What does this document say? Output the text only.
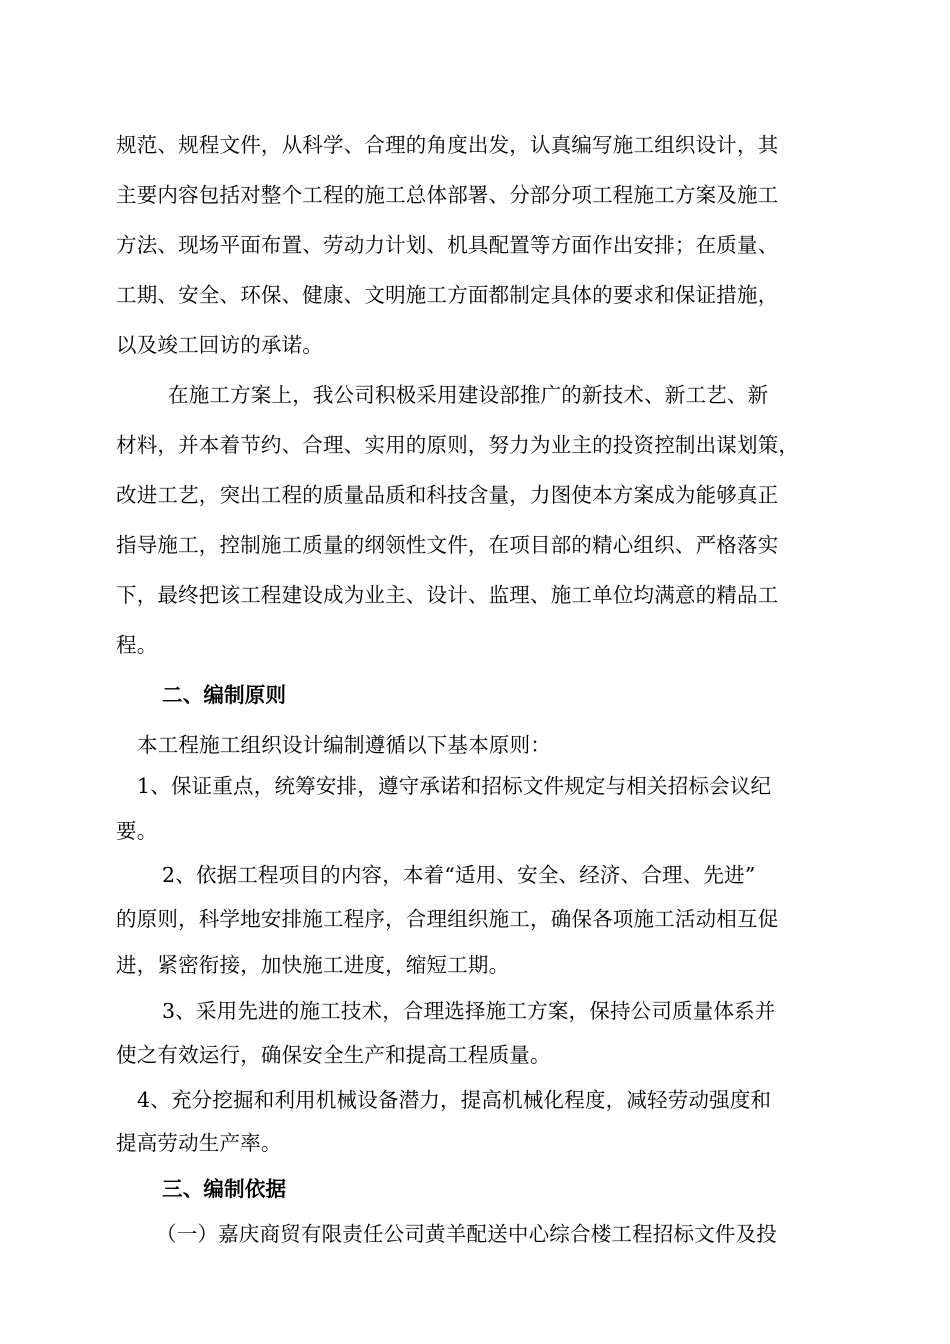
规范、规程文件，从科学、合理的角度出发，认真编写施工组织设计，其
主要内容包括对整个工程的施工总体部署、分部分项工程施工方案及施工
方法、现场平面布置、劳动力计划、机具配置等方面作出安排；在质量、
工期、安全、环保、健康、文明施工方面都制定具体的要求和保证措施，
以及竣工回访的承诺。
在施工方案上，我公司积极采用建设部推广的新技术、新工艺、新
材料，并本着节约、合理、实用的原则，努力为业主的投资控制出谋划策，
改进工艺，突出工程的质量品质和科技含量，力图使本方案成为能够真正
指导施工，控制施工质量的纲领性文件，在项目部的精心组织、严格落实
下，最终把该工程建设成为业主、设计、监理、施工单位均满意的精品工
程。
二、编制原则
本工程施工组织设计编制遵循以下基本原则：
1、保证重点，统筹安排，遵守承诺和招标文件规定与相关招标会议纪
要。
2、依据工程项目的内容，本着“适用、安全、经济、合理、先进”
的原则，科学地安排施工程序，合理组织施工，确保各项施工活动相互促
进，紧密衔接，加快施工进度，缩短工期。
3、采用先进的施工技术，合理选择施工方案，保持公司质量体系并
使之有效运行，确保安全生产和提高工程质量。
4、充分挖掘和利用机械设备潜力，提高机械化程度，减轻劳动强度和
提高劳动生产率。
三、编制依据
（一）嘉庆商贸有限责任公司黄羊配送中心综合楼工程招标文件及投
